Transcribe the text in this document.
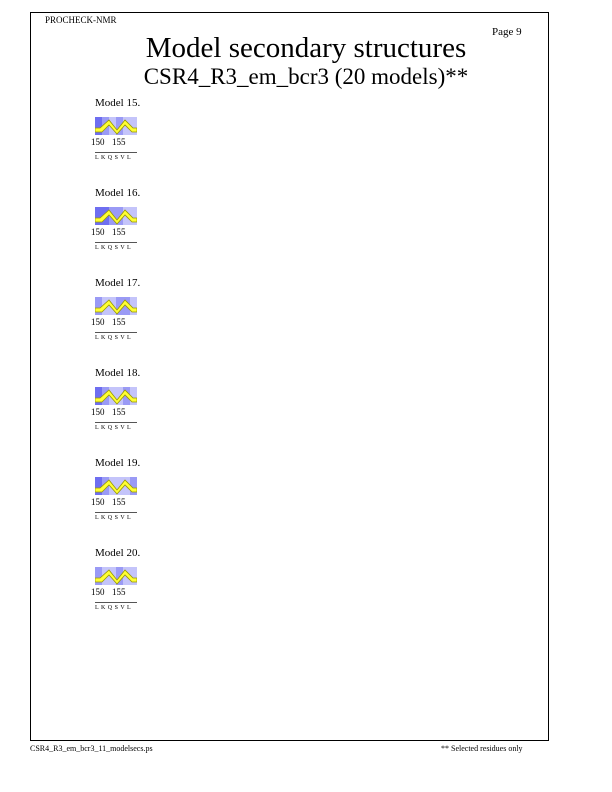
PROCHECK-NMR
Page 9
Model secondary structures
CSR4_R3_em_bcr3 (20 models)**
Model 15.
150 155
L K Q S V L
Model 16.
150 155
L K Q S V L
Model 17.
150 155
L K Q S V L
Model 18.
150 155
L K Q S V L
Model 19.
150 155
L K Q S V L
Model 20.
150 155
L K Q S V L
CSR4_R3_em_bcr3_11_modelsecs.ps	** Selected residues only
